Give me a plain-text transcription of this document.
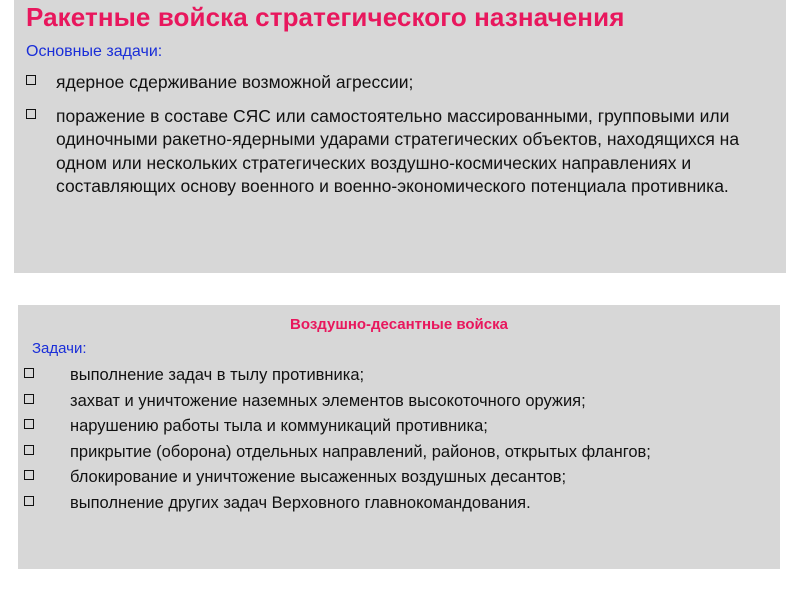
Ракетные войска стратегического назначения
Основные задачи:
ядерное сдерживание возможной агрессии;
поражение в составе СЯС или самостоятельно массированными, групповыми или одиночными ракетно-ядерными ударами стратегических объектов, находящихся на одном или нескольких стратегических воздушно-космических направлениях и составляющих основу военного и военно-экономического потенциала противника.
Воздушно-десантные войска
Задачи:
выполнение задач в тылу противника;
захват и уничтожение наземных элементов высокоточного оружия;
нарушению работы тыла и коммуникаций противника;
прикрытие (оборона) отдельных направлений, районов, открытых флангов;
блокирование и уничтожение высаженных воздушных десантов;
выполнение других задач Верховного главнокомандования.
